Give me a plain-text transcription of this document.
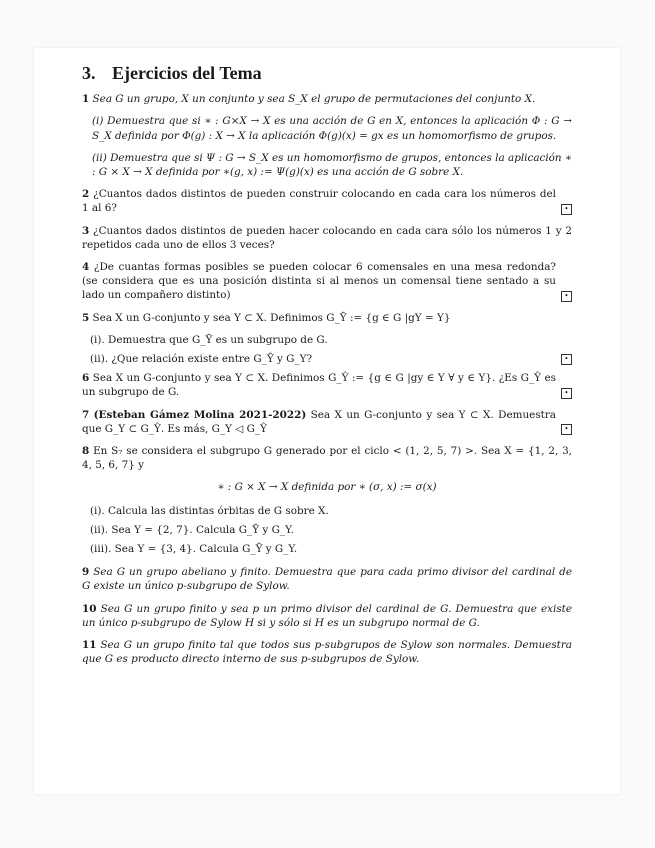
3. Ejercicios del Tema
1 Sea G un grupo, X un conjunto y sea S_X el grupo de permutaciones del conjunto X.
(i) Demuestra que si ∗ : G×X → X es una acción de G en X, entonces la aplicación Φ : G → S_X definida por Φ(g) : X → X la aplicación Φ(g)(x) = gx es un homomorfismo de grupos.
(ii) Demuestra que si Ψ : G → S_X es un homomorfismo de grupos, entonces la aplicación ∗ : G × X → X definida por ∗(g, x) := Ψ(g)(x) es una acción de G sobre X.
2 ¿Cuantos dados distintos de pueden construir colocando en cada cara los números del 1 al 6?	•
3 ¿Cuantos dados distintos de pueden hacer colocando en cada cara sólo los números 1 y 2 repetidos cada uno de ellos 3 veces?
4 ¿De cuantas formas posibles se pueden colocar 6 comensales en una mesa redonda? (se considera que es una posición distinta si al menos un comensal tiene sentado a su lado un compañero distinto)	•
5 Sea X un G-conjunto y sea Y ⊂ X. Definimos G_Ȳ := {g ∈ G |gY = Y}
(i). Demuestra que G_Ȳ es un subgrupo de G.
(ii). ¿Que relación existe entre G_Ȳ y G_Y?	•
6 Sea X un G-conjunto y sea Y ⊂ X. Definimos G_Ŷ := {g ∈ G |gy ∈ Y ∀ y ∈ Y}. ¿Es G_Ŷ es un subgrupo de G.	•
7 (Esteban Gámez Molina 2021-2022) Sea X un G-conjunto y sea Y ⊂ X. Demuestra que G_Y ⊂ G_Ŷ. Es más, G_Y ◁ G_Ŷ	•
8 En S₇ se considera el subgrupo G generado por el ciclo < (1, 2, 5, 7) >. Sea X = {1, 2, 3, 4, 5, 6, 7} y
∗ : G × X → X definida por ∗ (σ, x) := σ(x)
(i). Calcula las distintas órbitas de G sobre X.
(ii). Sea Y = {2, 7}. Calcula G_Ȳ y G_Y.
(iii). Sea Y = {3, 4}. Calcula G_Ȳ y G_Y.
9 Sea G un grupo abeliano y finito. Demuestra que para cada primo divisor del cardinal de G existe un único p-subgrupo de Sylow.
10 Sea G un grupo finito y sea p un primo divisor del cardinal de G. Demuestra que existe un único p-subgrupo de Sylow H si y sólo si H es un subgrupo normal de G.
11 Sea G un grupo finito tal que todos sus p-subgrupos de Sylow son normales. Demuestra que G es producto directo interno de sus p-subgrupos de Sylow.
